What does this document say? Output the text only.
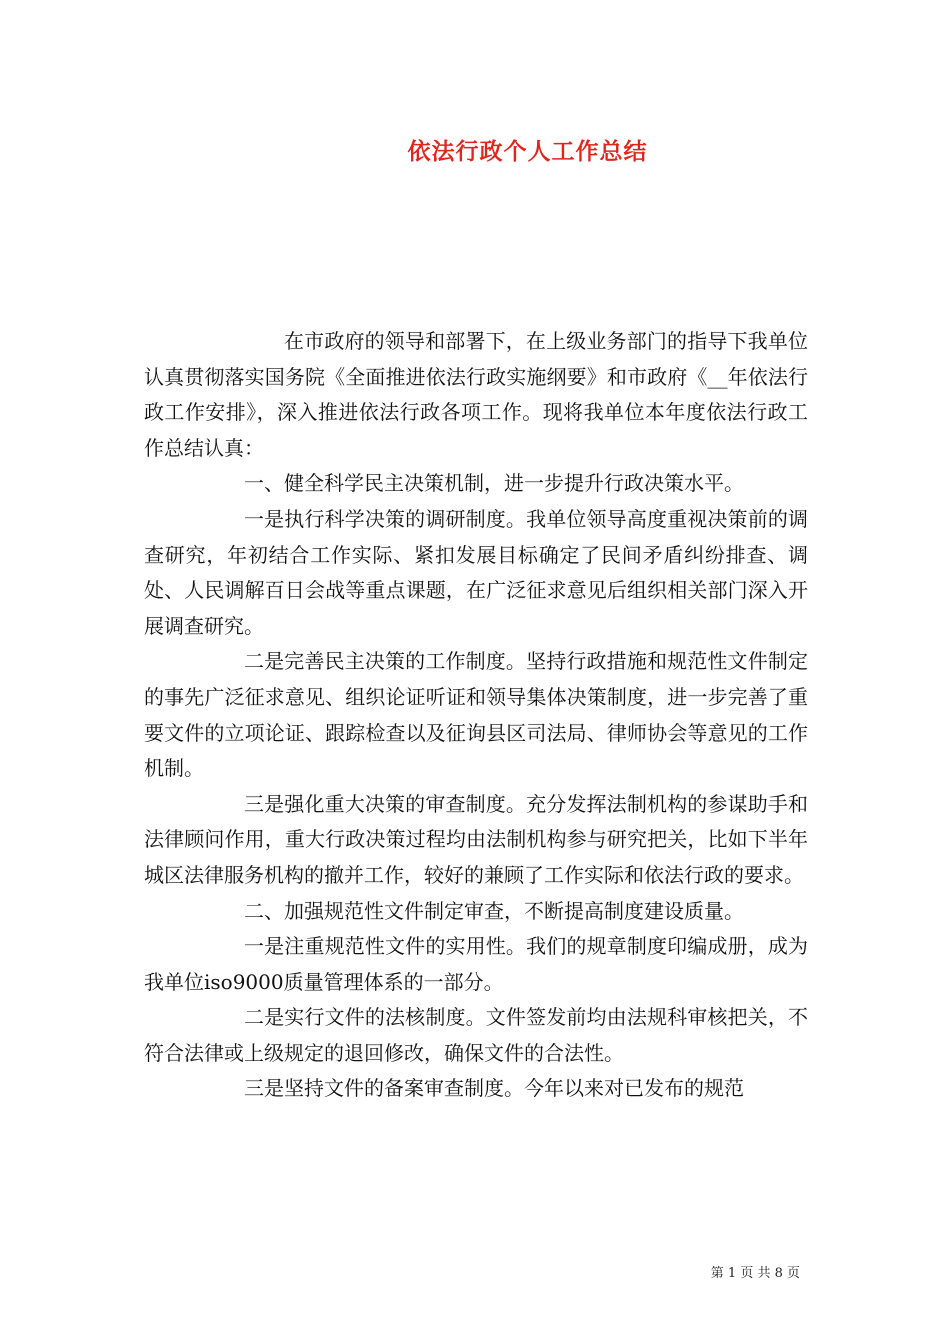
依法行政个人工作总结

在市政府的领导和部署下，在上级业务部门的指导下我单位认真贯彻落实国务院《全面推进依法行政实施纲要》和市政府《__年依法行政工作安排》，深入推进依法行政各项工作。现将我单位本年度依法行政工作总结认真：

一、健全科学民主决策机制，进一步提升行政决策水平。

一是执行科学决策的调研制度。我单位领导高度重视决策前的调查研究，年初结合工作实际、紧扣发展目标确定了民间矛盾纠纷排查、调处、人民调解百日会战等重点课题，在广泛征求意见后组织相关部门深入开展调查研究。

二是完善民主决策的工作制度。坚持行政措施和规范性文件制定的事先广泛征求意见、组织论证听证和领导集体决策制度，进一步完善了重要文件的立项论证、跟踪检查以及征询县区司法局、律师协会等意见的工作机制。

三是强化重大决策的审查制度。充分发挥法制机构的参谋助手和法律顾问作用，重大行政决策过程均由法制机构参与研究把关，比如下半年城区法律服务机构的撤并工作，较好的兼顾了工作实际和依法行政的要求。

二、加强规范性文件制定审查，不断提高制度建设质量。

一是注重规范性文件的实用性。我们的规章制度印编成册，成为我单位iso9000质量管理体系的一部分。

二是实行文件的法核制度。文件签发前均由法规科审核把关，不符合法律或上级规定的退回修改，确保文件的合法性。

三是坚持文件的备案审查制度。今年以来对已发布的规范

第 1 页 共 8 页
